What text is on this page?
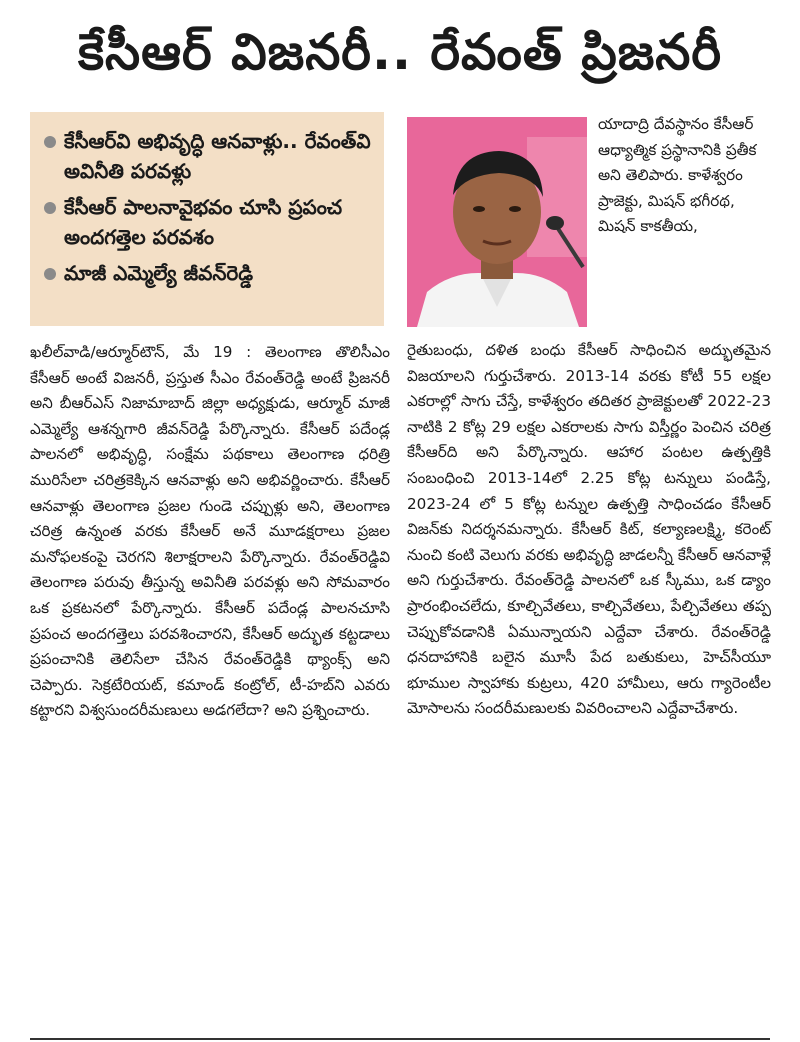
కేసీఆర్ విజనరీ.. రేవంత్ ప్రిజనరీ
కేసీఆర్‌వి అభివృద్ధి ఆనవాళ్లు.. రేవంత్‌వి అవినీతి పరవళ్లు
కేసీఆర్ పాలనావైభవం చూసి ప్రపంచ అందగత్తెల పరవశం
మాజీ ఎమ్మెల్యే జీవన్‌రెడ్డి
యాదాద్రి దేవస్థానం కేసీఆర్ ఆధ్యాత్మిక ప్రస్థానానికి ప్రతీక అని తెలిపారు. కాళేశ్వరం ప్రాజెక్టు, మిషన్ భగీరథ, మిషన్ కాకతీయ,

ఖలీల్‌వాడి/ఆర్మూర్‌టౌన్, మే 19 : తెలంగాణ తొలిసీఎం కేసీఆర్ అంటే విజనరీ, ప్రస్తుత సీఎం రేవంత్‌రెడ్డి అంటే ప్రిజనరీ అని బీఆర్‌ఎస్ నిజామాబాద్ జిల్లా అధ్యక్షుడు, ఆర్మూర్ మాజీ ఎమ్మెల్యే ఆశన్నగారి జీవన్‌రెడ్డి పేర్కొన్నారు. కేసీఆర్ పదేండ్ల పాలనలో అభివృద్ధి, సంక్షేమ పథకాలు తెలంగాణ ధరిత్రి మురిసేలా చరిత్రకెక్కిన ఆనవాళ్లు అని అభివర్ణించారు. కేసీఆర్ ఆనవాళ్లు తెలంగాణ ప్రజల గుండె చప్పుళ్లు అని, తెలంగాణ చరిత్ర ఉన్నంత వరకు కేసీఆర్ అనే మూడక్షరాలు ప్రజల మనోఫలకంపై చెరగని శిలాక్షరాలని పేర్కొన్నారు. రేవంత్‌రెడ్డివి తెలంగాణ పరువు తీస్తున్న అవినీతి పరవళ్లు అని సోమవారం ఒక ప్రకటనలో పేర్కొన్నారు. కేసీఆర్ పదేండ్ల పాలనచూసి ప్రపంచ అందగత్తెలు పరవశించారని, కేసీఆర్ అద్భుత కట్టడాలు ప్రపంచానికి తెలిసేలా చేసిన రేవంత్‌రెడ్డికి థ్యాంక్స్ అని చెప్పారు. సెక్రటేరియట్, కమాండ్ కంట్రోల్, టీ-హబ్‌ని ఎవరు కట్టారని విశ్వసుందరీమణులు అడగలేదా? అని ప్రశ్నించారు.

రైతుబంధు, దళిత బంధు కేసీఆర్ సాధించిన అద్భుతమైన విజయాలని గుర్తుచేశారు. 2013-14 వరకు కోటీ 55 లక్షల ఎకరాల్లో సాగు చేస్తే, కాళేశ్వరం తదితర ప్రాజెక్టులతో 2022-23 నాటికి 2 కోట్ల 29 లక్షల ఎకరాలకు సాగు విస్తీర్ణం పెంచిన చరిత్ర కేసీఆర్‌ది అని పేర్కొన్నారు. ఆహార పంటల ఉత్పత్తికి సంబంధించి 2013-14లో 2.25 కోట్ల టన్నులు పండిస్తే, 2023-24 లో 5 కోట్ల టన్నుల ఉత్పత్తి సాధించడం కేసీఆర్ విజన్‌కు నిదర్శనమన్నారు. కేసీఆర్ కిట్, కల్యాణలక్ష్మి, కరెంట్ నుంచి కంటి వెలుగు వరకు అభివృద్ధి జాడలన్నీ కేసీఆర్ ఆనవాళ్లే అని గుర్తుచేశారు. రేవంత్‌రెడ్డి పాలనలో ఒక స్కీము, ఒక డ్యాం ప్రారంభించలేదు, కూల్చివేతలు, కాల్చివేతలు, పేల్చివేతలు తప్ప చెప్పుకోవడానికి ఏమున్నాయని ఎద్దేవా చేశారు. రేవంత్‌రెడ్డి ధనదాహానికి బలైన మూసీ పేద బతుకులు, హెచ్‌సీయూ భూముల స్వాహాకు కుట్రలు, 420 హామీలు, ఆరు గ్యారెంటీల మోసాలను సందరీమణులకు వివరించాలని ఎద్దేవాచేశారు.
